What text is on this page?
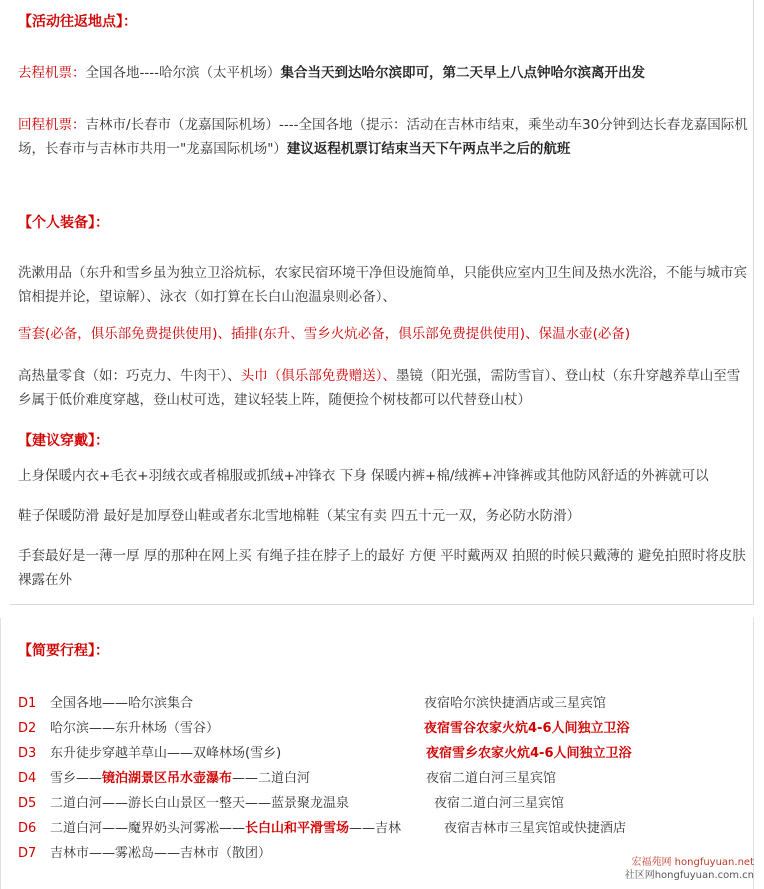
【活动往返地点】：
去程机票：全国各地----哈尔滨（太平机场）集合当天到达哈尔滨即可，第二天早上八点钟哈尔滨离开出发
回程机票：吉林市/长春市（龙嘉国际机场）----全国各地（提示：活动在吉林市结束，乘坐动车30分钟到达长春龙嘉国际机场，长春市与吉林市共用一"龙嘉国际机场"）建议返程机票订结束当天下午两点半之后的航班
【个人装备】：
洗漱用品（东升和雪乡虽为独立卫浴炕标，农家民宿环境干净但设施简单，只能供应室内卫生间及热水洗浴，不能与城市宾馆相提并论，望谅解）、泳衣（如打算在长白山泡温泉则必备）、
雪套(必备，俱乐部免费提供使用)、插排(东升、雪乡火炕必备，俱乐部免费提供使用)、保温水壶(必备)
高热量零食（如：巧克力、牛肉干）、头巾（俱乐部免费赠送）、墨镜（阳光强，需防雪盲）、登山杖（东升穿越养草山至雪乡属于低价难度穿越，登山杖可选，建议轻装上阵，随便捡个树枝都可以代替登山杖）
【建议穿戴】：
上身保暖内衣+毛衣+羽绒衣或者棉服或抓绒+冲锋衣 下身 保暖内裤+棉/绒裤+冲锋裤或其他防风舒适的外裤就可以
鞋子保暖防滑 最好是加厚登山鞋或者东北雪地棉鞋（某宝有卖 四五十元一双，务必防水防滑）
手套最好是一薄一厚 厚的那种在网上买 有绳子挂在脖子上的最好 方便 平时戴两双 拍照的时候只戴薄的 避免拍照时将皮肤裸露在外
【简要行程】：
D1 全国各地——哈尔滨集合	夜宿哈尔滨快捷酒店或三星宾馆
D2 哈尔滨——东升林场（雪谷）	夜宿雪谷农家火炕4-6人间独立卫浴
D3 东升徒步穿越羊草山——双峰林场(雪乡)	夜宿雪乡农家火炕4-6人间独立卫浴
D4 雪乡——镜泊湖景区吊水壶瀑布——二道白河	夜宿二道白河三星宾馆
D5 二道白河——游长白山景区一整天——蓝景聚龙温泉	夜宿二道白河三星宾馆
D6 二道白河——魔界奶头河雾凇——长白山和平滑雪场——吉林	夜宿吉林市三星宾馆或快捷酒店
D7 吉林市——雾凇岛——吉林市（散团）
宏福苑网 hongfuyuan.net
社区网hongfuyuan.com.cn
